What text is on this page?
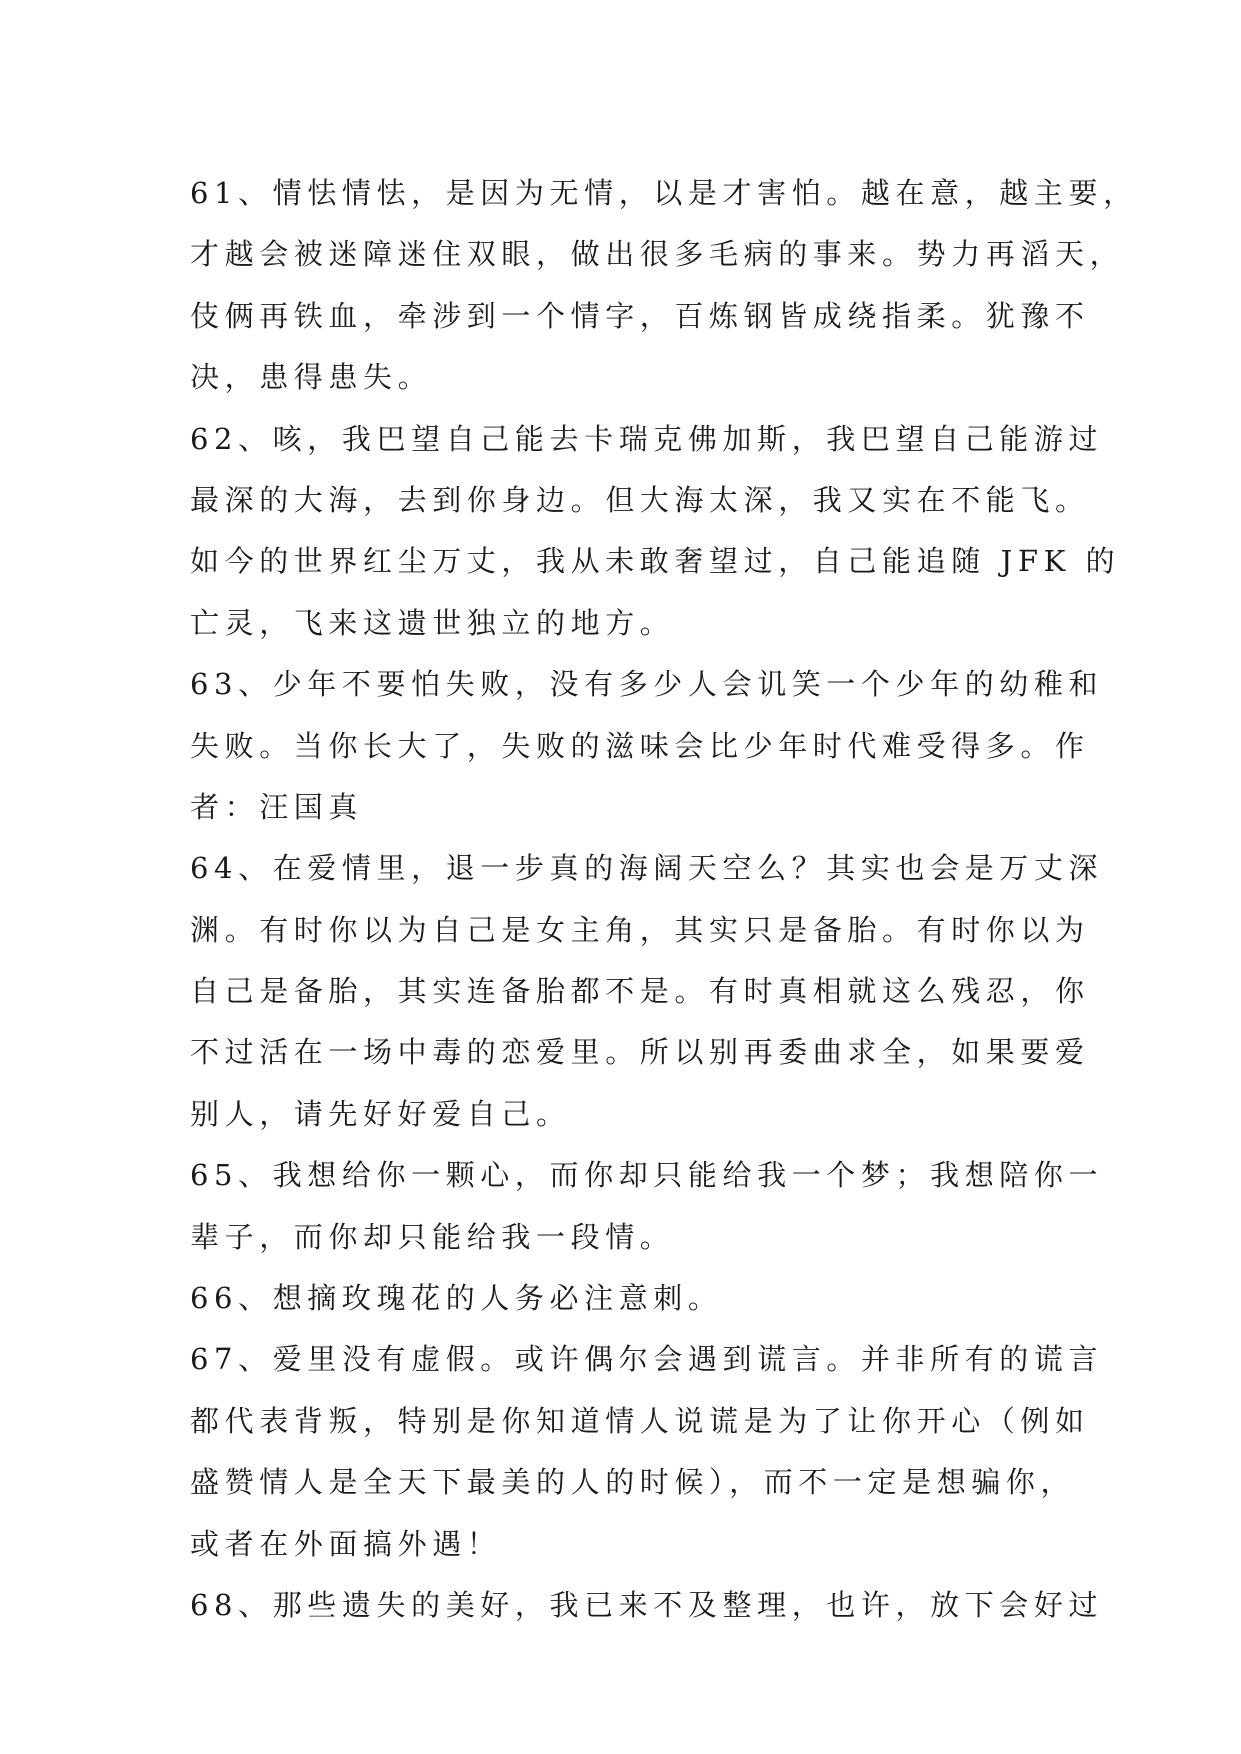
61、情怯情怯，是因为无情，以是才害怕。越在意，越主要，
才越会被迷障迷住双眼，做出很多毛病的事来。势力再滔天，
伎俩再铁血，牵涉到一个情字，百炼钢皆成绕指柔。犹豫不
决，患得患失。
62、咳，我巴望自己能去卡瑞克佛加斯，我巴望自己能游过
最深的大海，去到你身边。但大海太深，我又实在不能飞。
如今的世界红尘万丈，我从未敢奢望过，自己能追随 JFK 的
亡灵，飞来这遗世独立的地方。
63、少年不要怕失败，没有多少人会讥笑一个少年的幼稚和
失败。当你长大了，失败的滋味会比少年时代难受得多。作
者：汪国真
64、在爱情里，退一步真的海阔天空么？其实也会是万丈深
渊。有时你以为自己是女主角，其实只是备胎。有时你以为
自己是备胎，其实连备胎都不是。有时真相就这么残忍，你
不过活在一场中毒的恋爱里。所以别再委曲求全，如果要爱
别人，请先好好爱自己。
65、我想给你一颗心，而你却只能给我一个梦；我想陪你一
辈子，而你却只能给我一段情。
66、想摘玫瑰花的人务必注意刺。
67、爱里没有虚假。或许偶尔会遇到谎言。并非所有的谎言
都代表背叛，特别是你知道情人说谎是为了让你开心（例如
盛赞情人是全天下最美的人的时候），而不一定是想骗你，
或者在外面搞外遇！
68、那些遗失的美好，我已来不及整理，也许，放下会好过
